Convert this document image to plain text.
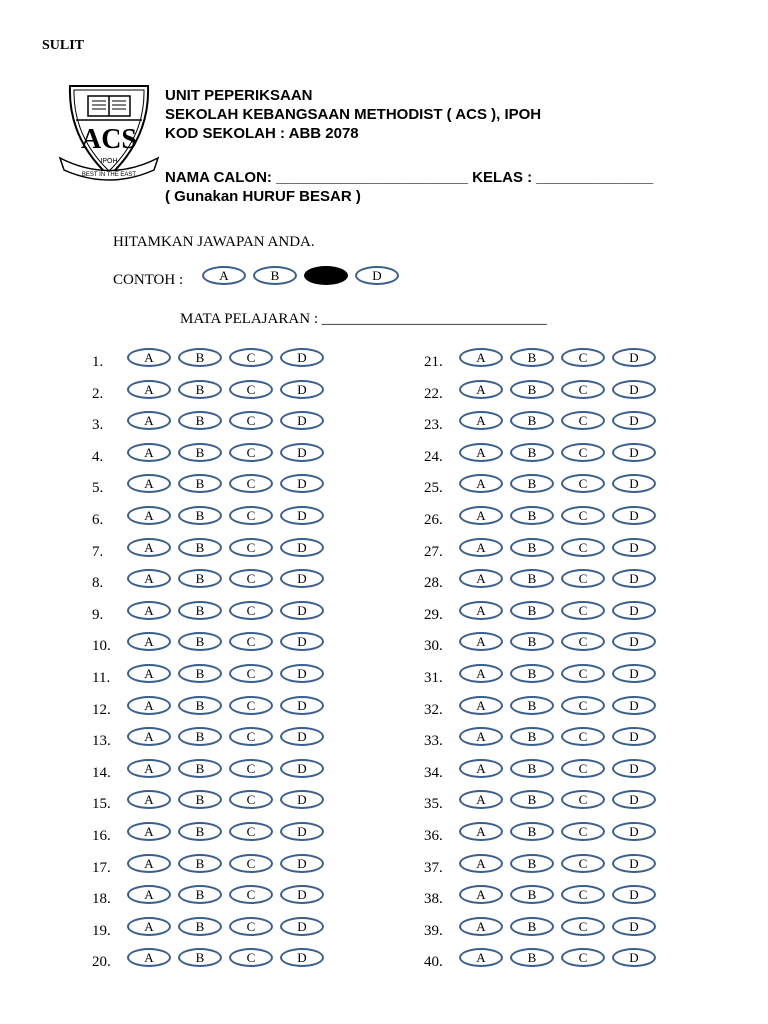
SULIT
ACS
IPOH
BEST IN THE EAST
UNIT PEPERIKSAAN
SEKOLAH KEBANGSAAN METHODIST ( ACS ), IPOH
KOD SEKOLAH : ABB 2078
NAMA CALON: _______________________ KELAS : ______________
( Gunakan HURUF BESAR )
HITAMKAN JAWAPAN ANDA.
CONTOH :	A	B	D
MATA PELAJARAN : ______________________________
1.	A	B	C	D
2.	A	B	C	D
3.	A	B	C	D
4.	A	B	C	D
5.	A	B	C	D
6.	A	B	C	D
7.	A	B	C	D
8.	A	B	C	D
9.	A	B	C	D
10.	A	B	C	D
11.	A	B	C	D
12.	A	B	C	D
13.	A	B	C	D
14.	A	B	C	D
15.	A	B	C	D
16.	A	B	C	D
17.	A	B	C	D
18.	A	B	C	D
19.	A	B	C	D
20.	A	B	C	D
21.	A	B	C	D
22.	A	B	C	D
23.	A	B	C	D
24.	A	B	C	D
25.	A	B	C	D
26.	A	B	C	D
27.	A	B	C	D
28.	A	B	C	D
29.	A	B	C	D
30.	A	B	C	D
31.	A	B	C	D
32.	A	B	C	D
33.	A	B	C	D
34.	A	B	C	D
35.	A	B	C	D
36.	A	B	C	D
37.	A	B	C	D
38.	A	B	C	D
39.	A	B	C	D
40.	A	B	C	D
